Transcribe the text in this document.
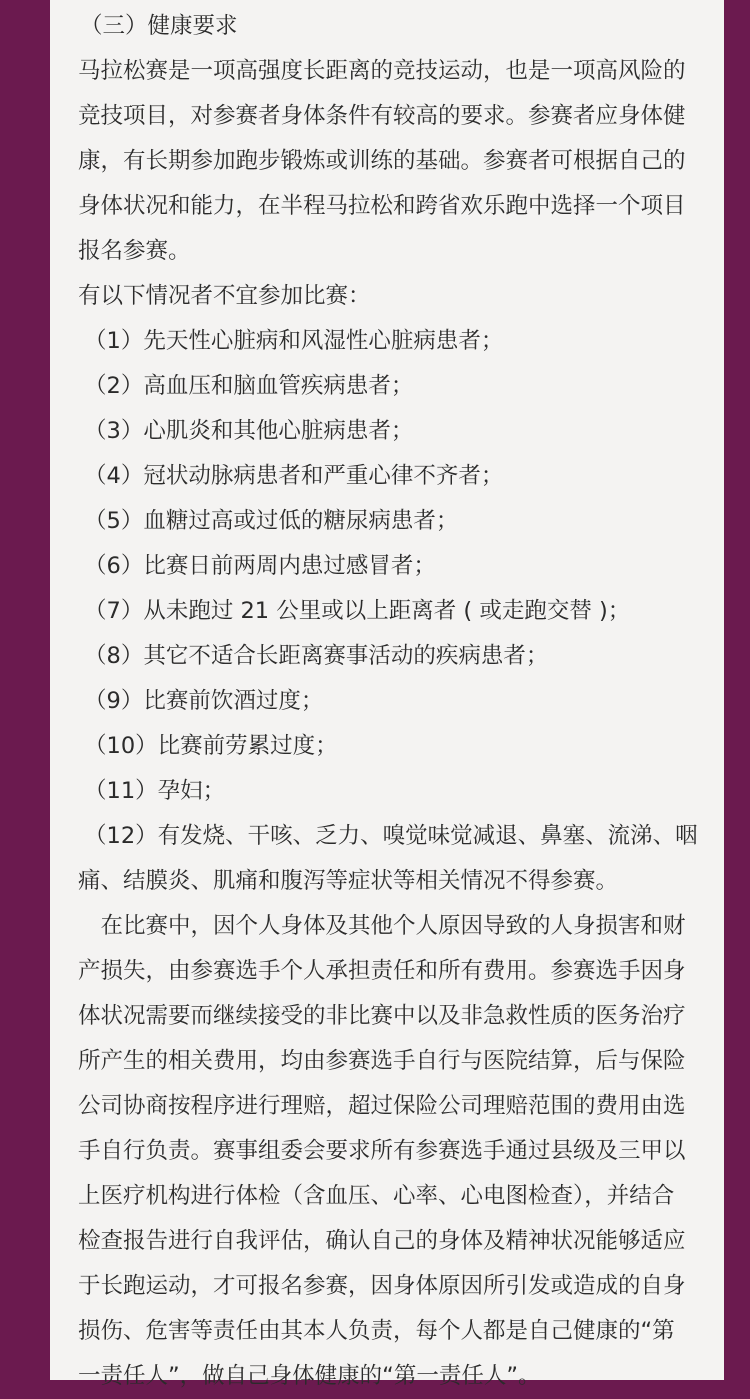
（三）健康要求
马拉松赛是一项高强度长距离的竞技运动，也是一项高风险的
竞技项目，对参赛者身体条件有较高的要求。参赛者应身体健
康，有长期参加跑步锻炼或训练的基础。参赛者可根据自己的
身体状况和能力，在半程马拉松和跨省欢乐跑中选择一个项目
报名参赛。
有以下情况者不宜参加比赛：
（1）先天性心脏病和风湿性心脏病患者；
（2）高血压和脑血管疾病患者；
（3）心肌炎和其他心脏病患者；
（4）冠状动脉病患者和严重心律不齐者；
（5）血糖过高或过低的糖尿病患者；
（6）比赛日前两周内患过感冒者；
（7）从未跑过 21 公里或以上距离者 ( 或走跑交替 )；
（8）其它不适合长距离赛事活动的疾病患者；
（9）比赛前饮酒过度；
（10）比赛前劳累过度；
（11）孕妇；
（12）有发烧、干咳、乏力、嗅觉味觉减退、鼻塞、流涕、咽
痛、结膜炎、肌痛和腹泻等症状等相关情况不得参赛。
在比赛中，因个人身体及其他个人原因导致的人身损害和财
产损失，由参赛选手个人承担责任和所有费用。参赛选手因身
体状况需要而继续接受的非比赛中以及非急救性质的医务治疗
所产生的相关费用，均由参赛选手自行与医院结算，后与保险
公司协商按程序进行理赔，超过保险公司理赔范围的费用由选
手自行负责。赛事组委会要求所有参赛选手通过县级及三甲以
上医疗机构进行体检（含血压、心率、心电图检查），并结合
检查报告进行自我评估，确认自己的身体及精神状况能够适应
于长跑运动，才可报名参赛，因身体原因所引发或造成的自身
损伤、危害等责任由其本人负责，每个人都是自己健康的“第
一责任人”，做自己身体健康的“第一责任人”。
